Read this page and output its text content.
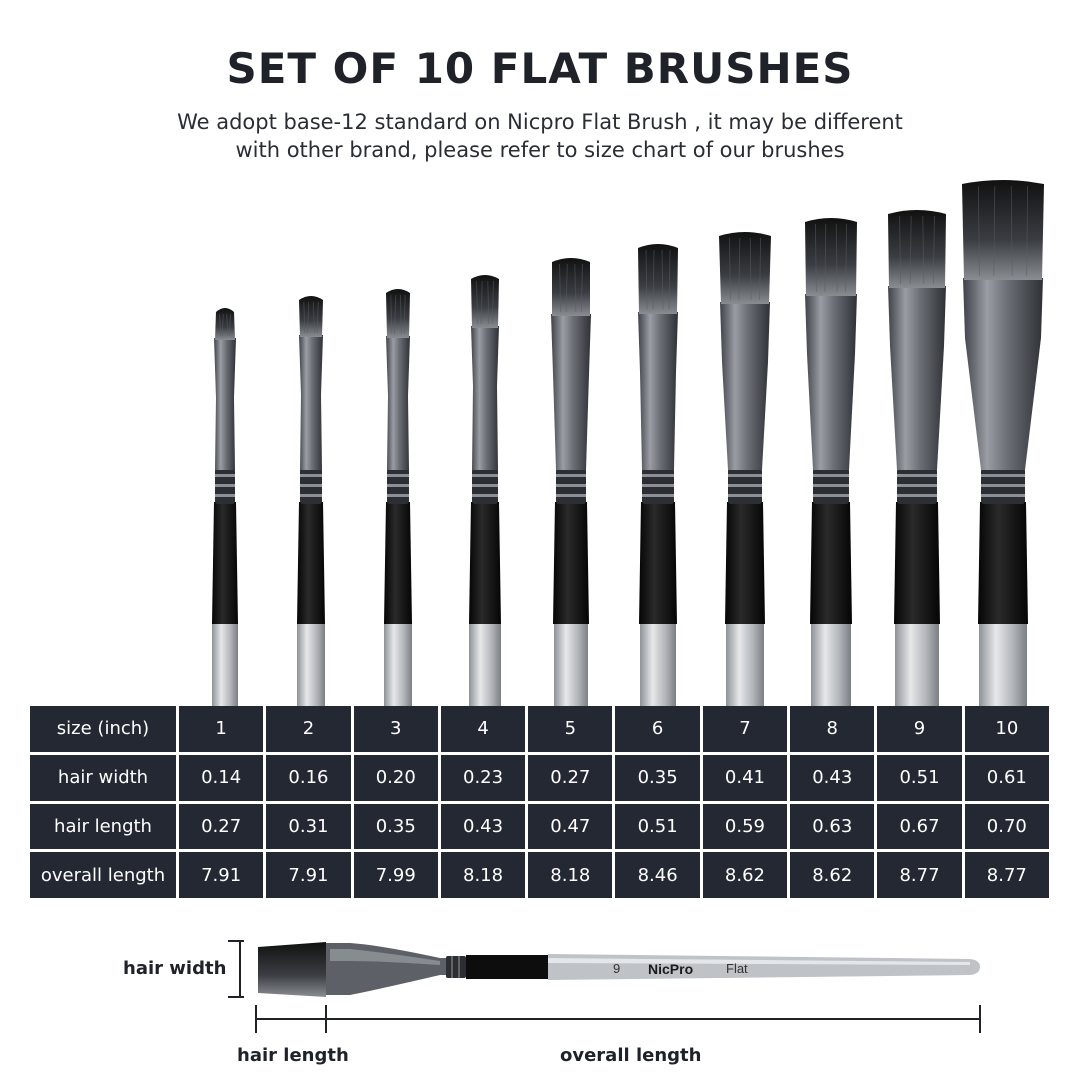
SET OF 10 FLAT BRUSHES
We adopt base-12 standard on Nicpro Flat Brush , it may be different
with other brand, please refer to size chart of our brushes
size (inch)	1	2	3	4	5	6	7	8	9	10
hair width	0.14	0.16	0.20	0.23	0.27	0.35	0.41	0.43	0.51	0.61
hair length	0.27	0.31	0.35	0.43	0.47	0.51	0.59	0.63	0.67	0.70
overall length	7.91	7.91	7.99	8.18	8.18	8.46	8.62	8.62	8.77	8.77
hair width
hair length	overall length
9 NicPro	Flat
